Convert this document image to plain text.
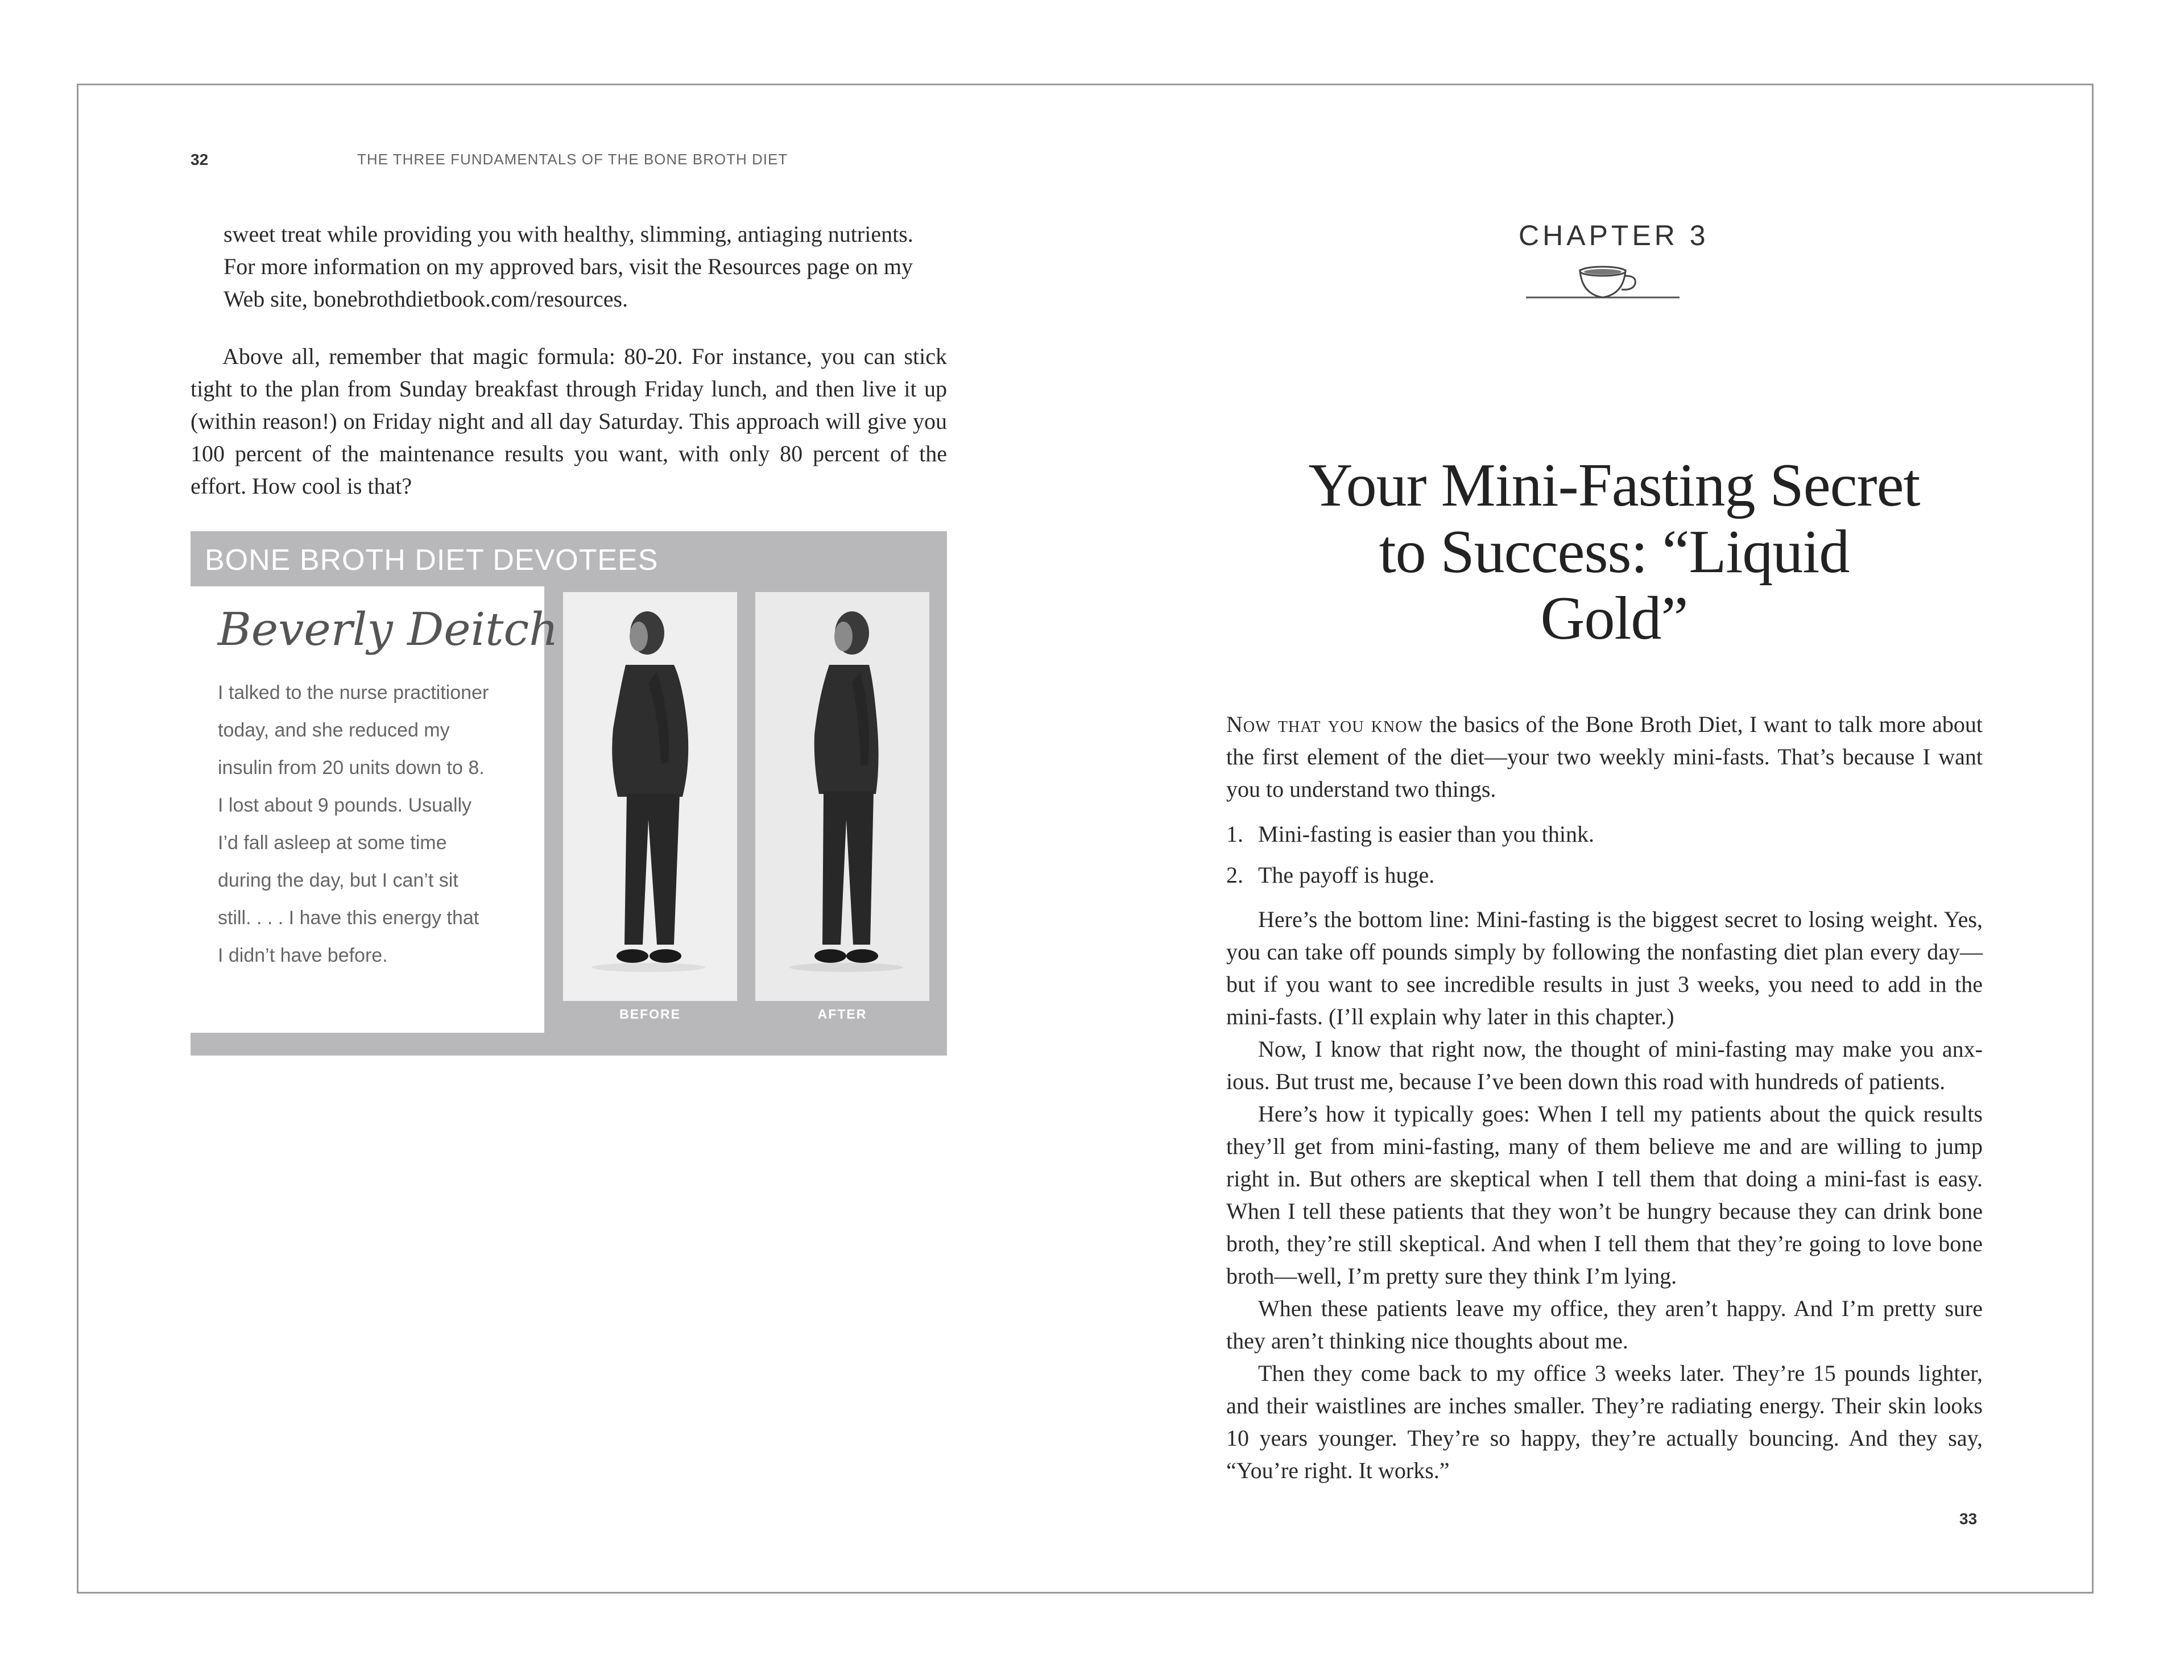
32	THE THREE FUNDAMENTALS OF THE BONE BROTH DIET

sweet treat while providing you with healthy, slimming, antiaging nutrients.

For more information on my approved bars, visit the Resources page on my

Web site, bonebrothdietbook.com/resources.

Above all, remember that magic formula: 80-20. For instance, you can stick tight to the plan from Sunday breakfast through Friday lunch, and then live it up (within reason!) on Friday night and all day Saturday. This approach will give you 100 percent of the maintenance results you want, with only 80 percent of the effort. How cool is that?

BONE BROTH DIET DEVOTEES
Beverly Deitch
I talked to the nurse practitioner
today, and she reduced my
insulin from 20 units down to 8.
I lost about 9 pounds. Usually
I’d fall asleep at some time
during the day, but I can’t sit
still. . . . I have this energy that
I didn’t have before.
BEFORE	AFTER
CHAPTER 3
Your Mini-Fasting Secret
to Success: “Liquid Gold”

Now that you know the basics of the Bone Broth Diet, I want to talk more about the first element of the diet—your two weekly mini-fasts. That’s because I want you to understand two things.

1. Mini-fasting is easier than you think.
2. The payoff is huge.

Here’s the bottom line: Mini-fasting is the biggest secret to losing weight. Yes, you can take off pounds simply by following the nonfasting diet plan every day—but if you want to see incredible results in just 3 weeks, you need to add in the mini-fasts. (I’ll explain why later in this chapter.)

Now, I know that right now, the thought of mini-fasting may make you anx-ious. But trust me, because I’ve been down this road with hundreds of patients.

Here’s how it typically goes: When I tell my patients about the quick results they’ll get from mini-fasting, many of them believe me and are willing to jump right in. But others are skeptical when I tell them that doing a mini-fast is easy. When I tell these patients that they won’t be hungry because they can drink bone broth, they’re still skeptical. And when I tell them that they’re going to love bone broth—well, I’m pretty sure they think I’m lying.

When these patients leave my office, they aren’t happy. And I’m pretty sure they aren’t thinking nice thoughts about me.

Then they come back to my office 3 weeks later. They’re 15 pounds lighter, and their waistlines are inches smaller. They’re radiating energy. Their skin looks 10 years younger. They’re so happy, they’re actually bouncing. And they say, “You’re right. It works.”

33
